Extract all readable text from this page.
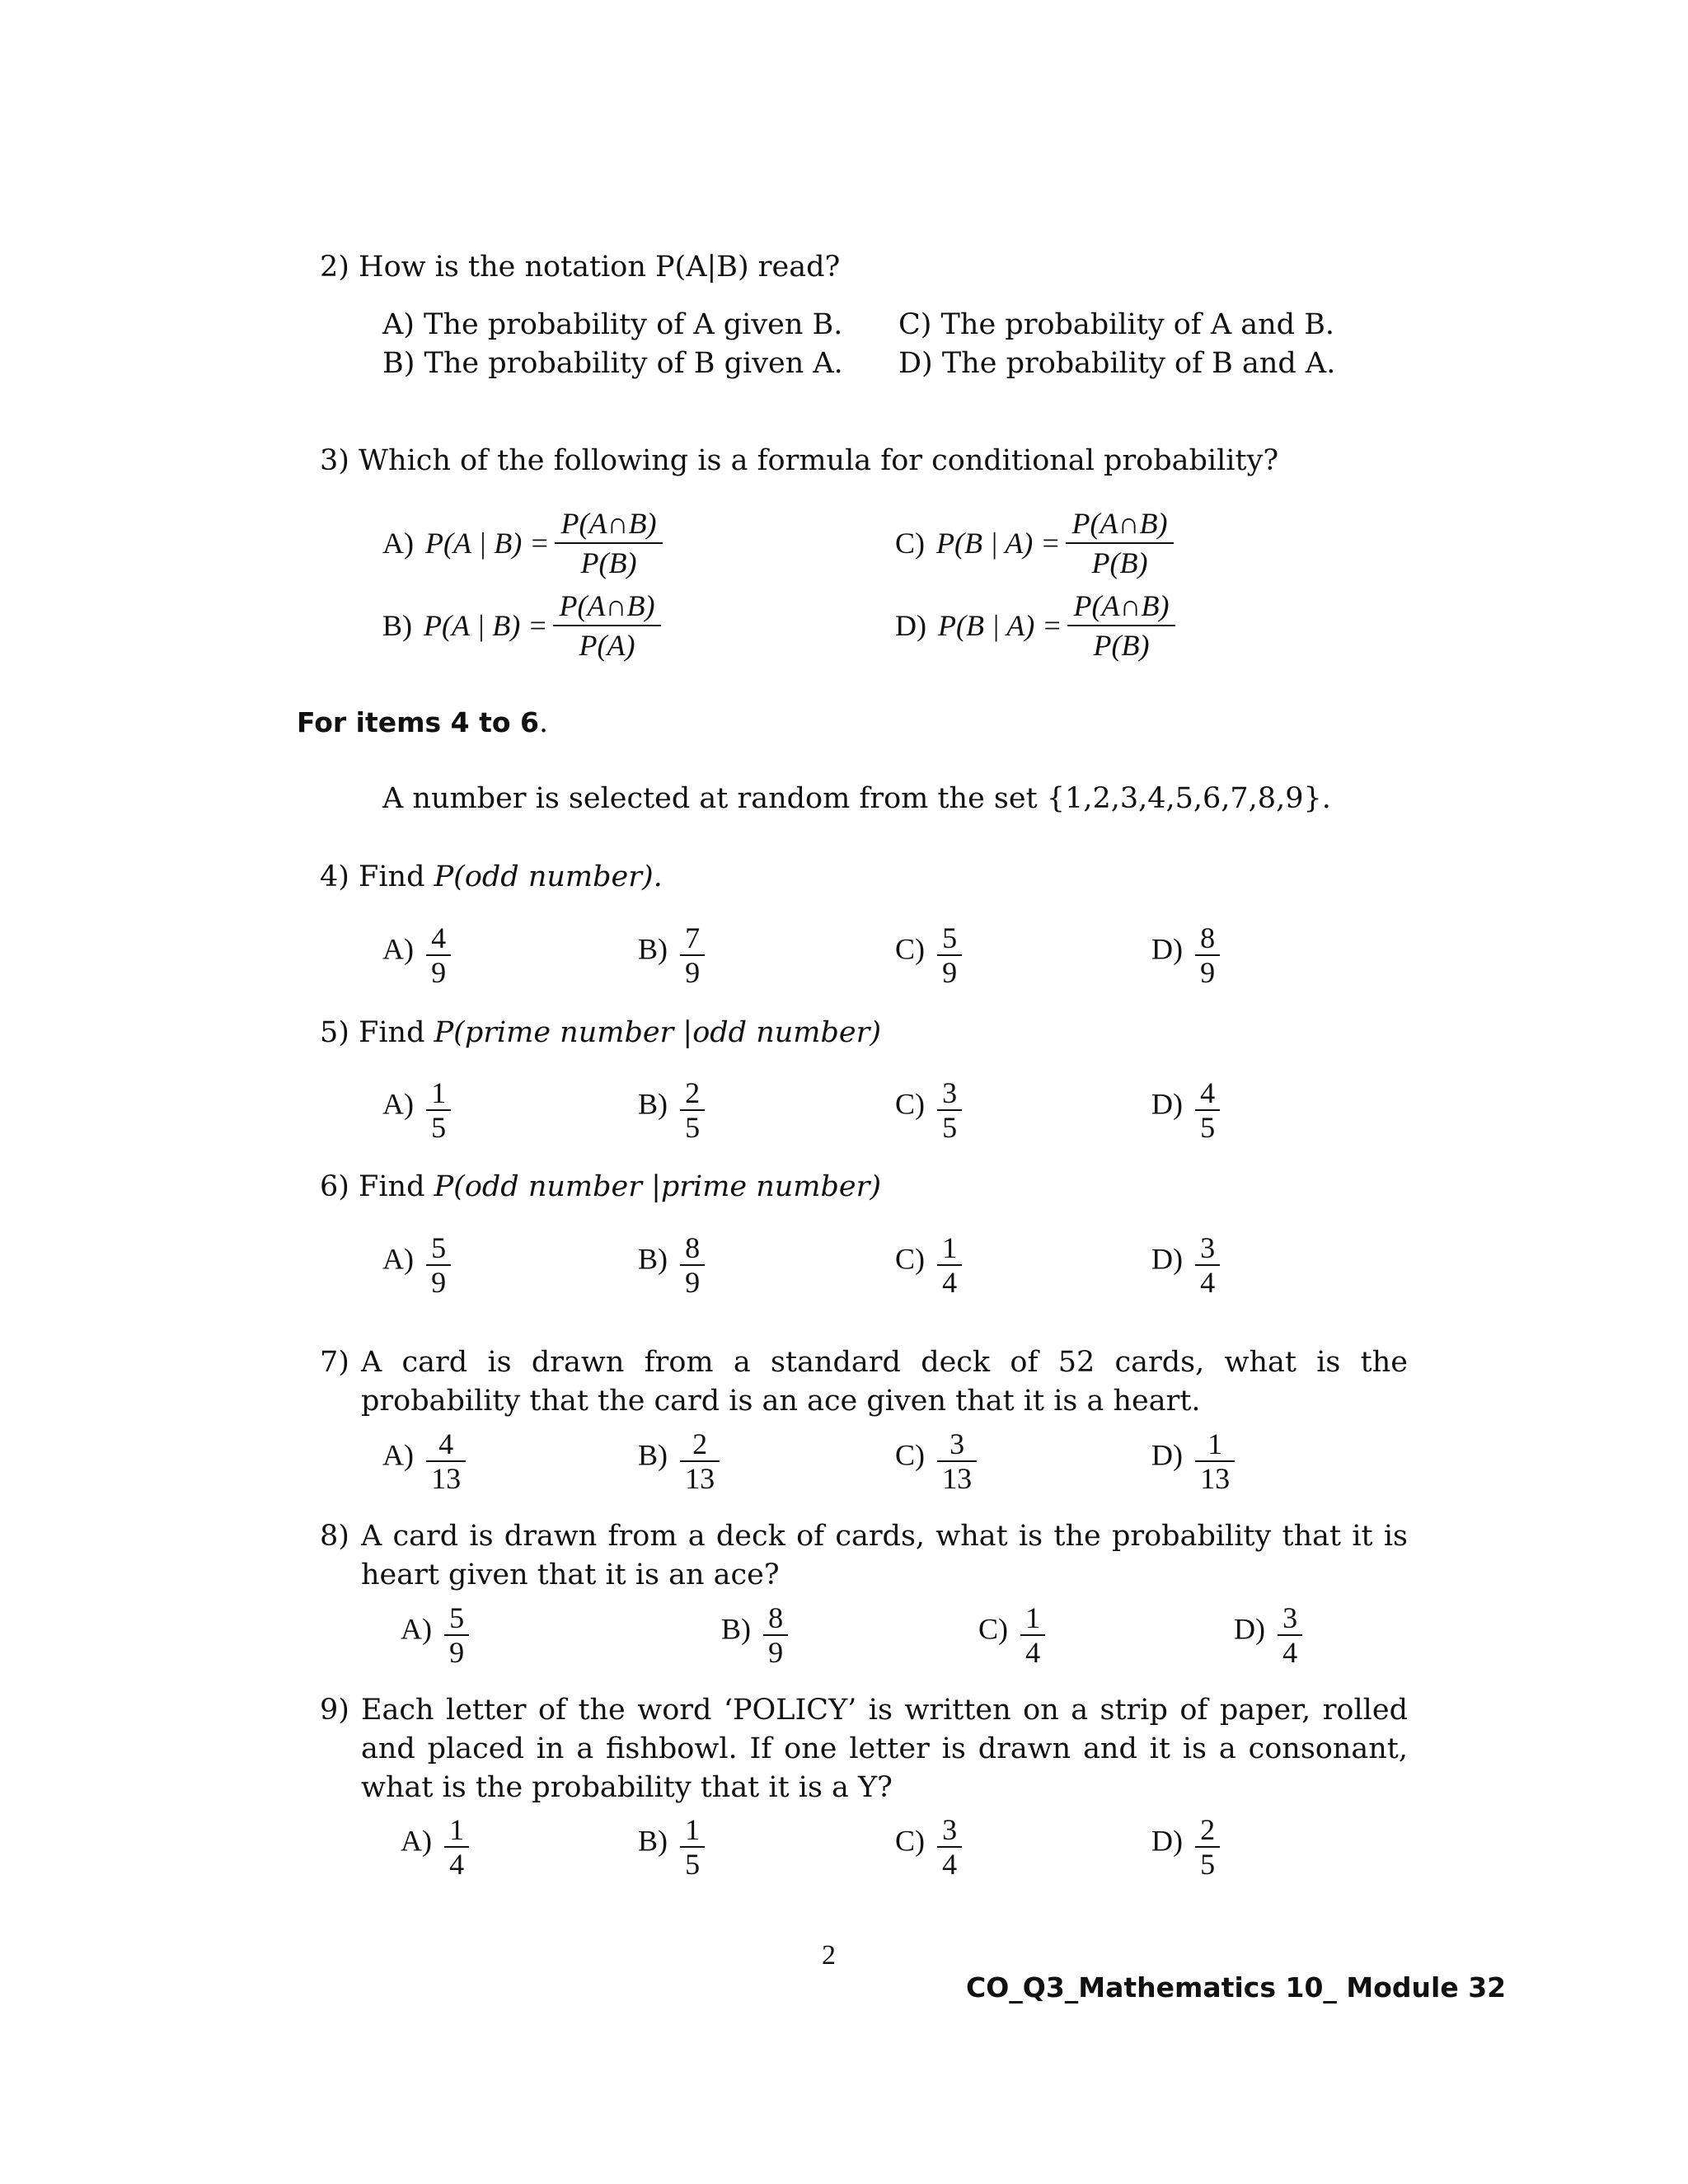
2) How is the notation P(A|B) read?
A) The probability of A given B.
B) The probability of B given A.
C) The probability of A and B.
D) The probability of B and A.
3) Which of the following is a formula for conditional probability?
A) P(A | $B) = \frac{P(A\cap B)}{P(B)}$
B) P(A | $B) = \frac{P(A\cap B)}{P(A)}$
C) P(B | $A) = \frac{P(A\cap B)}{P(B)}$
D) P(B | $A) = \frac{P(A\cap B)}{P(B)}$
For items 4 to 6.
A number is selected at random from the set {1,2,3,4,5,6,7,8,9}.
4) Find P(odd number).
$A) \frac{4}{9}$	$B) \frac{7}{9}$	$C) \frac{5}{9}$	$D) \frac{8}{9}$
5) Find P(prime number |odd number)
$A) \frac{1}{5}$	$B) \frac{2}{5}$	$C) \frac{3}{5}$	$D) \frac{4}{5}$
6) Find P(odd number |prime number)
$A) \frac{5}{9}$	$B) \frac{8}{9}$	$C) \frac{1}{4}$	$D) \frac{3}{4}$
7) A card is drawn from a standard deck of 52 cards, what is the
probability that the card is an ace given that it is a heart.
$A) \frac{4}{13}$	$B) \frac{2}{13}$	$C) \frac{3}{13}$	$D) \frac{1}{13}$
8) A card is drawn from a deck of cards, what is the probability that it is
heart given that it is an ace?
$A) \frac{5}{9}$	$B) \frac{8}{9}$	$C) \frac{1}{4}$	$D) \frac{3}{4}$
9) Each letter of the word ‘POLICY’ is written on a strip of paper, rolled
and placed in a fishbowl. If one letter is drawn and it is a consonant,
what is the probability that it is a Y?
$A) \frac{1}{4}$	$B) \frac{1}{5}$	$C) \frac{3}{4}$	$D) \frac{2}{5}$
2
CO_Q3_Mathematics 10_ Module 32
